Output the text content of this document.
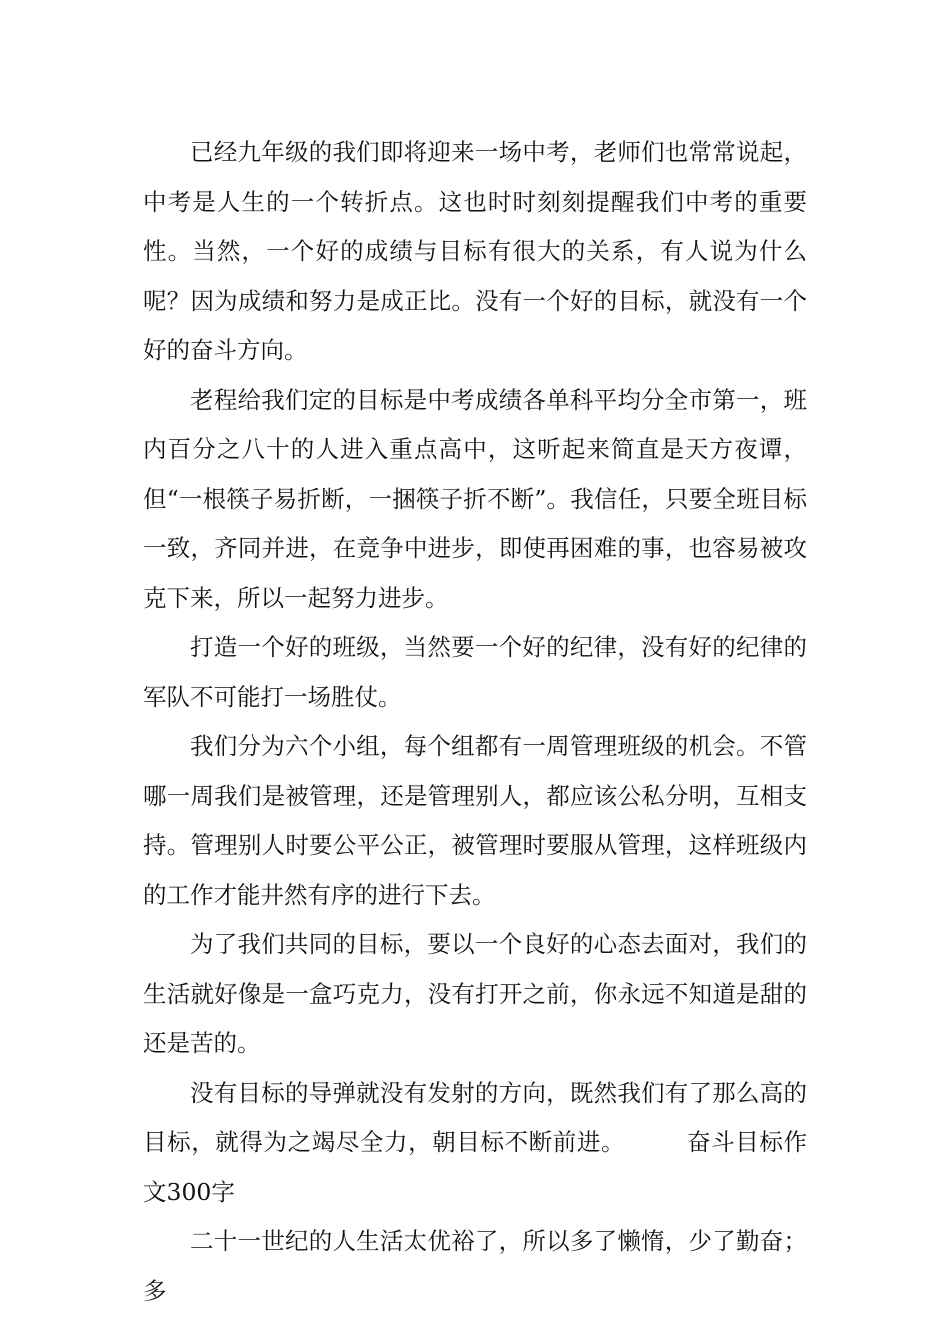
已经九年级的我们即将迎来一场中考，老师们也常常说起，中考是人生的一个转折点。这也时时刻刻提醒我们中考的重要性。当然，一个好的成绩与目标有很大的关系，有人说为什么呢？因为成绩和努力是成正比。没有一个好的目标，就没有一个好的奋斗方向。

老程给我们定的目标是中考成绩各单科平均分全市第一，班内百分之八十的人进入重点高中，这听起来简直是天方夜谭，但“一根筷子易折断，一捆筷子折不断”。我信任，只要全班目标一致，齐同并进，在竞争中进步，即使再困难的事，也容易被攻克下来，所以一起努力进步。

打造一个好的班级，当然要一个好的纪律，没有好的纪律的军队不可能打一场胜仗。

我们分为六个小组，每个组都有一周管理班级的机会。不管哪一周我们是被管理，还是管理别人，都应该公私分明，互相支持。管理别人时要公平公正，被管理时要服从管理，这样班级内的工作才能井然有序的进行下去。

为了我们共同的目标，要以一个良好的心态去面对，我们的生活就好像是一盒巧克力，没有打开之前，你永远不知道是甜的还是苦的。

没有目标的导弹就没有发射的方向，既然我们有了那么高的目标，就得为之竭尽全力，朝目标不断前进。	奋斗目标作文300字

二十一世纪的人生活太优裕了，所以多了懒惰，少了勤奋；多
